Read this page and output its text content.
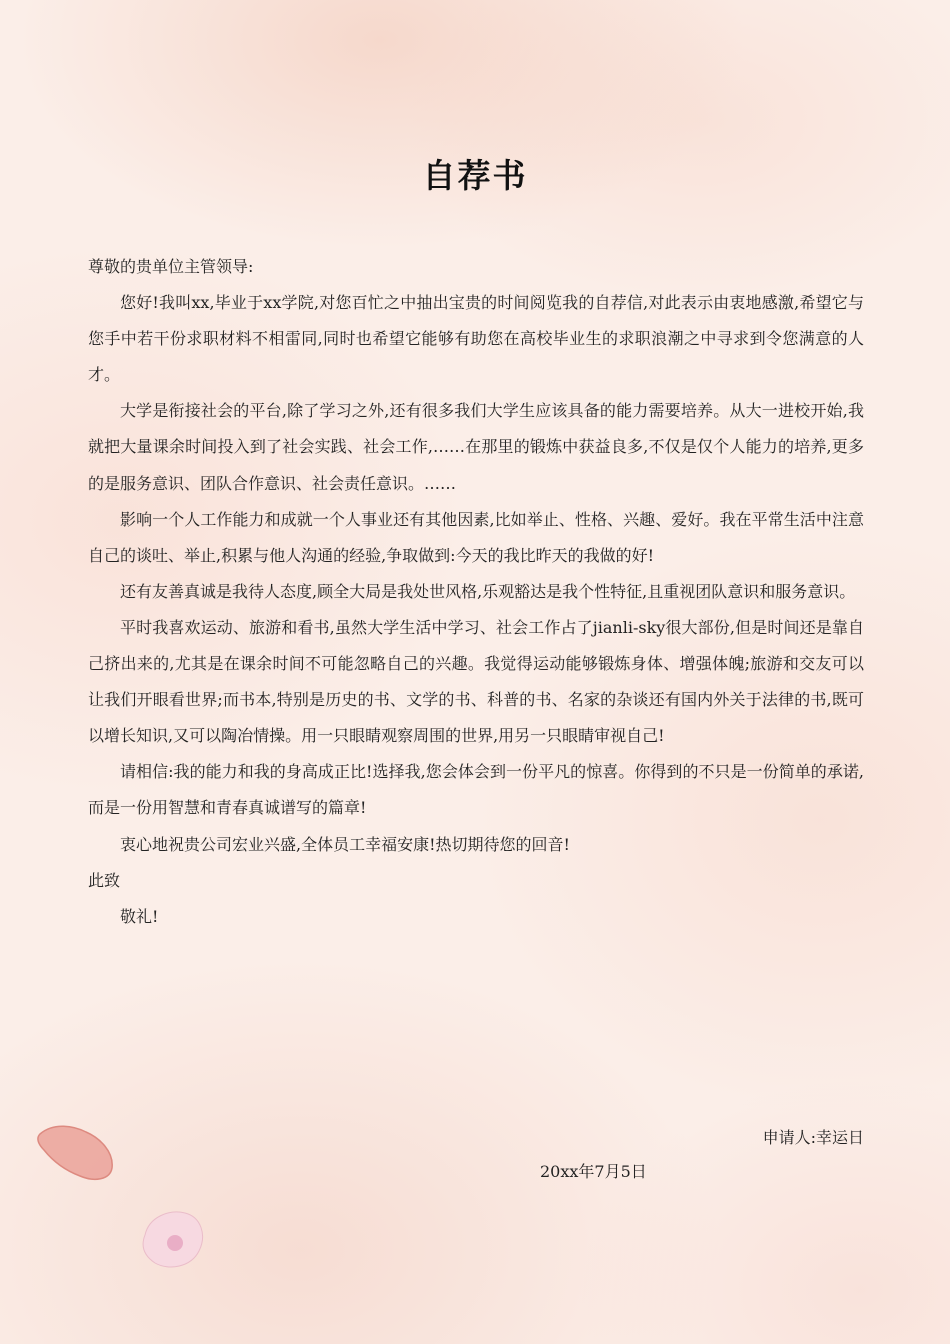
自荐书

尊敬的贵单位主管领导:

您好!我叫xx,毕业于xx学院,对您百忙之中抽出宝贵的时间阅览我的自荐信,对此表示由衷地感激,希望它与您手中若干份求职材料不相雷同,同时也希望它能够有助您在高校毕业生的求职浪潮之中寻求到令您满意的人才。

大学是衔接社会的平台,除了学习之外,还有很多我们大学生应该具备的能力需要培养。从大一进校开始,我就把大量课余时间投入到了社会实践、社会工作,……在那里的锻炼中获益良多,不仅是仅个人能力的培养,更多的是服务意识、团队合作意识、社会责任意识。……

影响一个人工作能力和成就一个人事业还有其他因素,比如举止、性格、兴趣、爱好。我在平常生活中注意自己的谈吐、举止,积累与他人沟通的经验,争取做到:今天的我比昨天的我做的好!

还有友善真诚是我待人态度,顾全大局是我处世风格,乐观豁达是我个性特征,且重视团队意识和服务意识。

平时我喜欢运动、旅游和看书,虽然大学生活中学习、社会工作占了jianli-sky很大部份,但是时间还是靠自己挤出来的,尤其是在课余时间不可能忽略自己的兴趣。我觉得运动能够锻炼身体、增强体魄;旅游和交友可以让我们开眼看世界;而书本,特别是历史的书、文学的书、科普的书、名家的杂谈还有国内外关于法律的书,既可以增长知识,又可以陶冶情操。用一只眼睛观察周围的世界,用另一只眼睛审视自己!

请相信:我的能力和我的身高成正比!选择我,您会体会到一份平凡的惊喜。你得到的不只是一份简单的承诺,而是一份用智慧和青春真诚谱写的篇章!

衷心地祝贵公司宏业兴盛,全体员工幸福安康!热切期待您的回音!

此致

敬礼!

申请人:幸运日
20xx年7月5日
